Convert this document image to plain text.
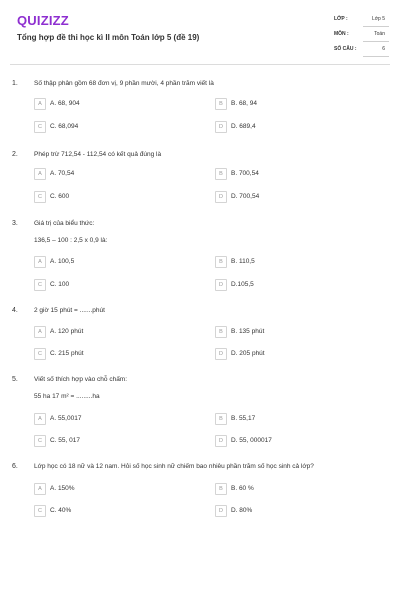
QUIZIZZ
Tổng hợp đề thi học kì II môn Toán lớp 5 (đề 19)
LỚP :	Lớp 5
MÔN :	Toán
SỐ CÂU :	6
1. Số thập phân gồm 68 đơn vị, 9 phần mười, 4 phần trăm viết là
A	A. 68, 904	B	B. 68, 94
C	C. 68,094	D	D. 689,4
2. Phép trừ 712,54 - 112,54 có kết quả đúng là
A	A. 70,54	B	B. 700,54
C	C. 600	D	D. 700,54
3. Giá trị của biểu thức:
136,5 – 100 : 2,5 x 0,9 là:
A	A. 100,5	B	B. 110,5
C	C. 100	D	D.105,5
4. 2 giờ 15 phút = .......phút
A	A. 120 phút	B	B. 135 phút
C	C. 215 phút	D	D. 205 phút
5. Viết số thích hợp vào chỗ chấm:
55 ha 17 m² = .........ha
A	A. 55,0017	B	B. 55,17
C	C. 55, 017	D	D. 55, 000017
6. Lớp học có 18 nữ và 12 nam. Hỏi số học sinh nữ chiếm bao nhiêu phần trăm số học sinh cả lớp?
A	A. 150%	B	B. 60 %
C	C. 40%	D	D. 80%
